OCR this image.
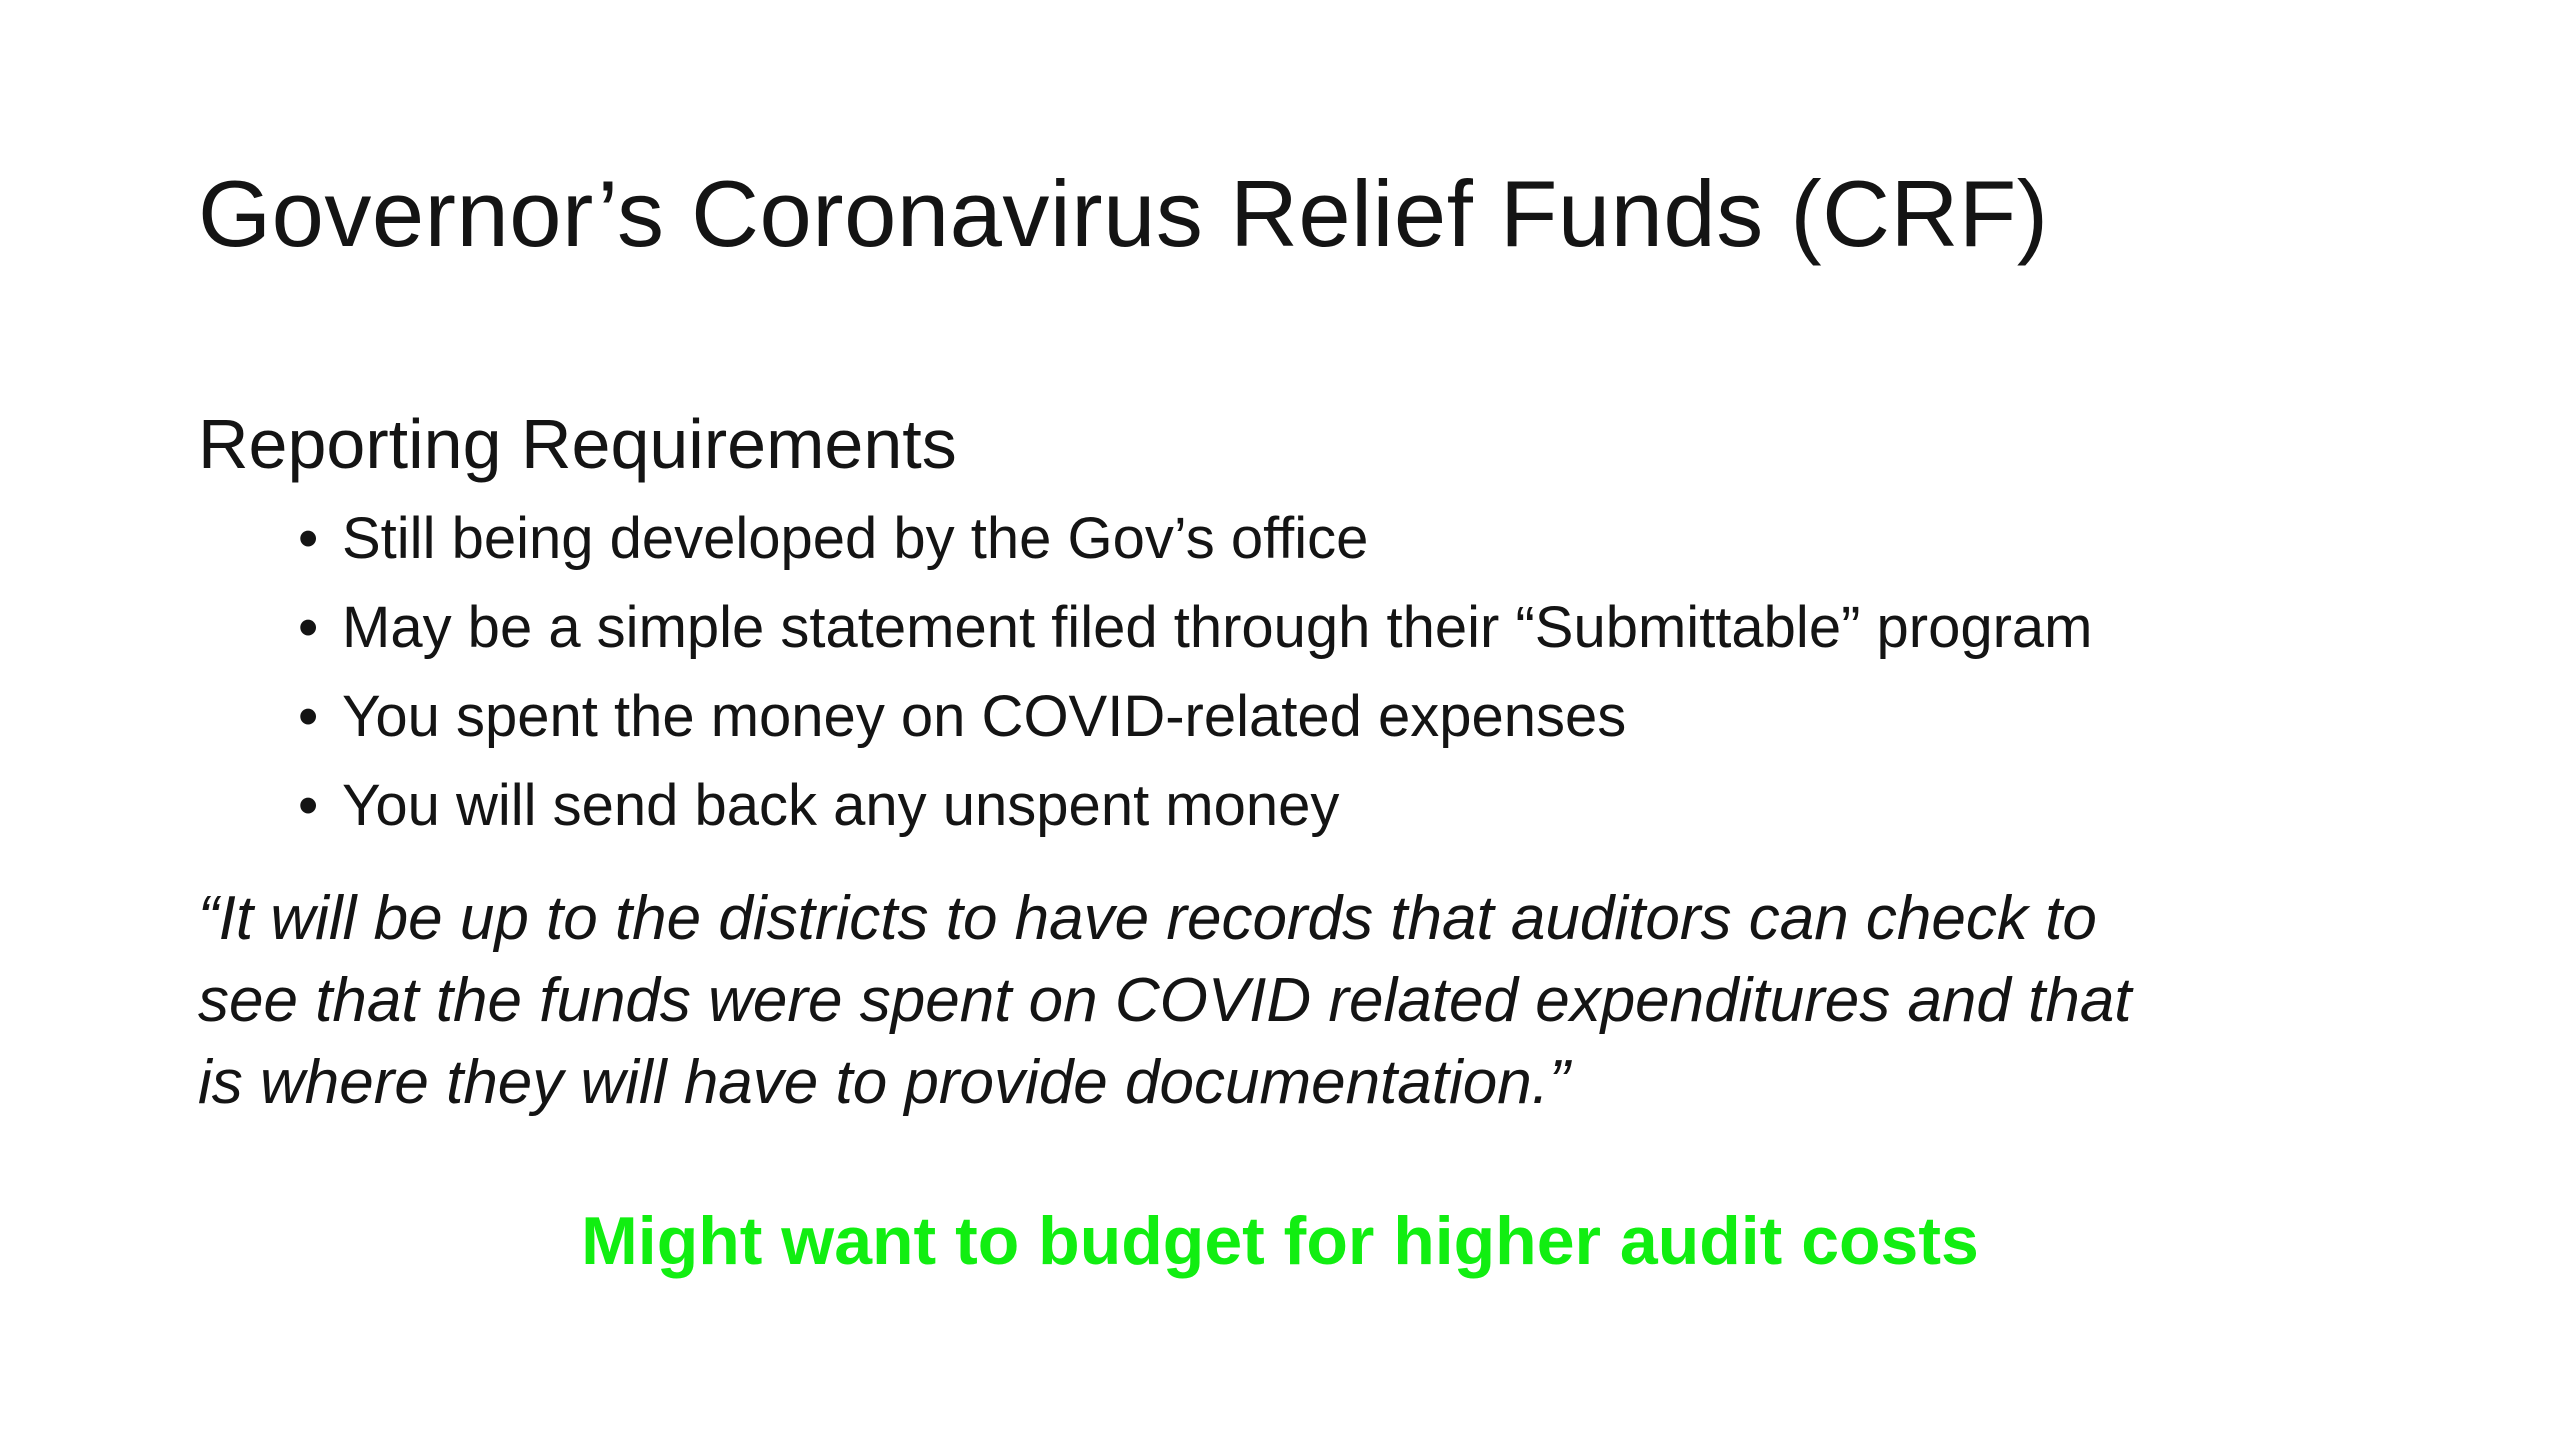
Governor’s Coronavirus Relief Funds (CRF)
Reporting Requirements
• Still being developed by the Gov’s office
• May be a simple statement filed through their “Submittable” program
• You spent the money on COVID-related expenses
• You will send back any unspent money
“It will be up to the districts to have records that auditors can check to
see that the funds were spent on COVID related expenditures and that
is where they will have to provide documentation.”
Might want to budget for higher audit costs
